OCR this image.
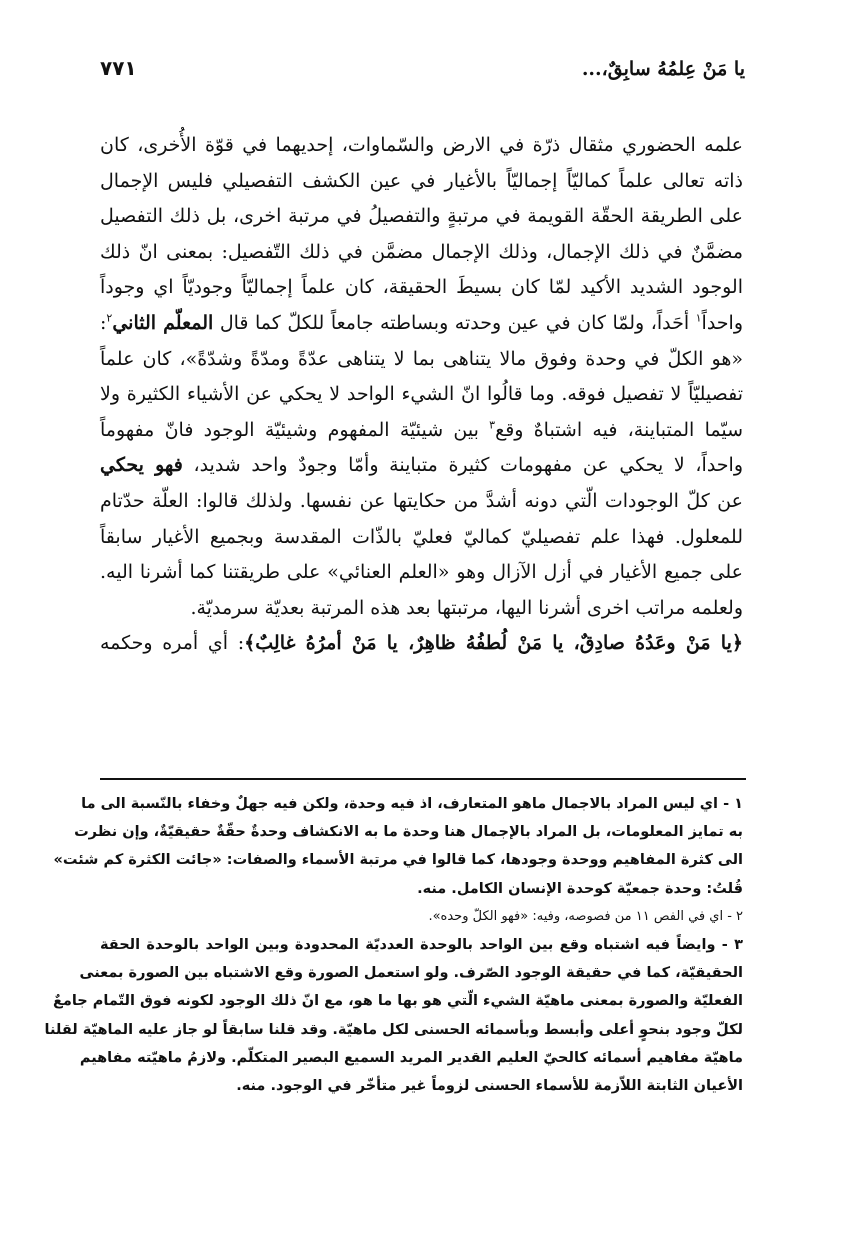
يا مَنْ عِلمُهُ سابِقٌ،...
٧٧١
علمه الحضوري مثقال ذرّة في الارض والسّماوات، إحديهما في قوّة الأُخرى، كان
ذاته تعالى علماً كماليّاً إجماليّاً بالأغيار في عين الكشف التفصيلي فليس الإجمال
على الطريقة الحقّة القويمة في مرتبةٍ والتفصيلُ في مرتبة اخرى، بل ذلك التفصيل
مضمَّنٌ في ذلك الإجمال، وذلك الإجمال مضمَّن في ذلك التّفصيل: بمعنى انّ ذلك
الوجود الشديد الأكيد لمّا كان بسيطَ الحقيقة، كان علماً إجماليّاً وجوديّاً اي وجوداً
واحداً$^١$ أحَداً، ولمّا كان في عين وحدته وبساطته جامعاً للكلّ كما قال المعلّم الثاني$^٢$:
«هو الكلّ في وحدة وفوق مالا يتناهى بما لا يتناهى عدّةً ومدّةً وشدّةً»، كان علماً
تفصيليّاً لا تفصيل فوقه. وما قالُوا انّ الشيء الواحد لا يحكي عن الأشياء الكثيرة ولا
سيّما المتباينة، فيه اشتباهٌ وقع$^٣$ بين شيئيّة المفهوم وشيئيّة الوجود فانّ مفهوماً
واحداً، لا يحكي عن مفهومات كثيرة متباينة وأمّا وجودٌ واحد شديد، فهو يحكي
عن كلّ الوجودات الّتي دونه أشدَّ من حكايتها عن نفسها. ولذلك قالوا: العلّة حدّتام
للمعلول. فهذا علم تفصيليّ كماليّ فعليّ بالذّات المقدسة وبجميع الأغيار سابقاً
على جميع الأغيار في أزل الآزال وهو «العلم العنائي» على طريقتنا كما أشرنا اليه.
ولعلمه مراتب اخرى أشرنا اليها، مرتبتها بعد هذه المرتبة بعديّة سرمديّة.
﴿يا مَنْ وعَدُهُ صادِقٌ، يا مَنْ لُطفُهُ ظاهِرٌ، يا مَنْ أمرُهُ غالِبٌ﴾: أي أمره وحكمه
١ - اي ليس المراد بالاجمال ماهو المتعارف، اذ فيه وحدة، ولكن فيه جهلٌ وخفاء بالنّسبة الى ما
به تمايز المعلومات، بل المراد بالإجمال هنا وحدة ما به الانكشاف وحدةٌ حقّةٌ حقيقيّةٌ، وإن نظرت
الى كثرة المفاهيم ووحدة وجودها، كما قالوا في مرتبة الأسماء والصفات: «جائت الكثرة كم شئت»
قُلتُ: وحدة جمعيّة كوحدة الإنسان الكامل. منه.
٢ - اي في الفص ١١ من فصوصه، وفيه: «فهو الكلّ وحده».
٣ - وايضاً فيه اشتباه وقع بين الواحد بالوحدة العدديّة المحدودة وبين الواحد بالوحدة الحقة
الحقيقيّة، كما في حقيقة الوجود الصّرف. ولو استعمل الصورة وقع الاشتباه بين الصورة بمعنى
الفعليّة والصورة بمعنى ماهيّة الشيء الّتي هو بها ما هو، مع انّ ذلك الوجود لكونه فوق التّمام جامعٌ
لكلّ وجود بنحوٍ أعلى وأبسط وبأسمائه الحسنى لكل ماهيّة. وقد قلنا سابقاً لو جاز عليه الماهيّة لقلنا
ماهيّة مفاهيم أسمائه كالحيّ العليم القدير المريد السميع البصير المتكلّم. ولازمُ ماهيّته مفاهيم
الأعيان الثابتة اللاّزمة للأسماء الحسنى لزوماً غير متأخّر في الوجود. منه.
